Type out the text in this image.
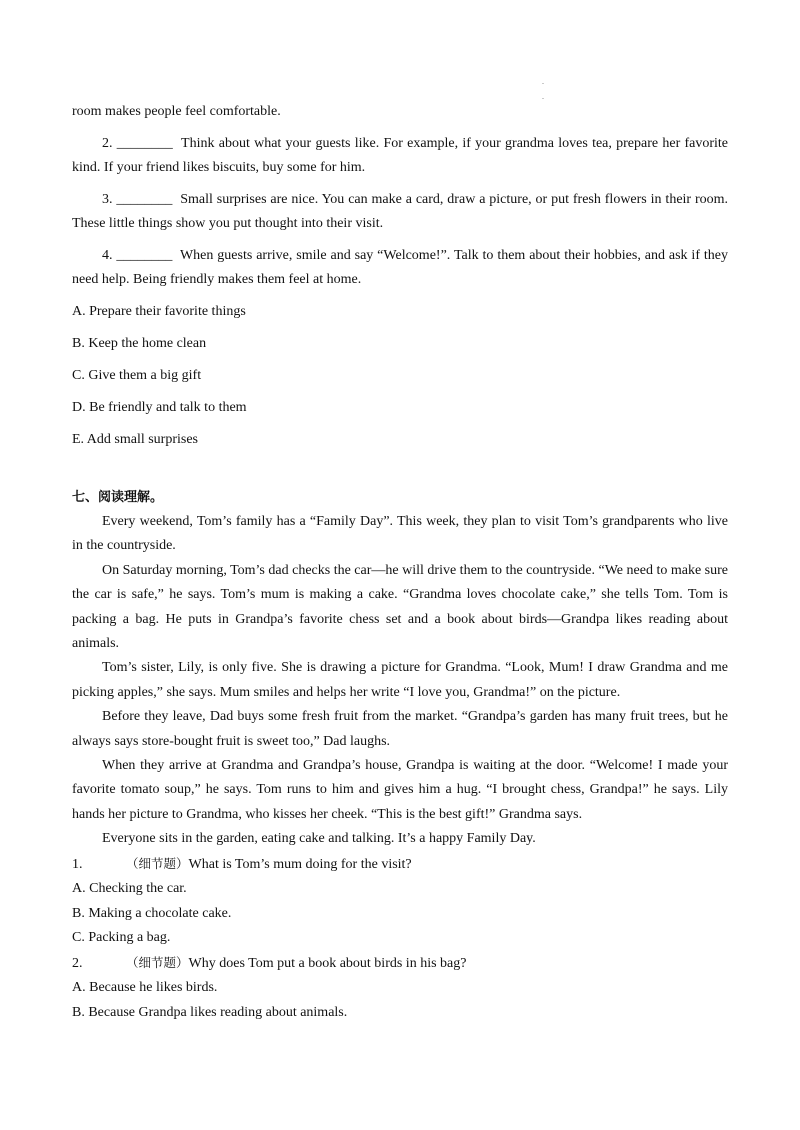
.
.

room makes people feel comfortable.

2. ________ Think about what your guests like. For example, if your grandma loves tea, prepare her favorite kind. If your friend likes biscuits, buy some for him.

3. ________ Small surprises are nice. You can make a card, draw a picture, or put fresh flowers in their room. These little things show you put thought into their visit.

4. ________ When guests arrive, smile and say “Welcome!”. Talk to them about their hobbies, and ask if they need help. Being friendly makes them feel at home.

A. Prepare their favorite things

B. Keep the home clean

C. Give them a big gift

D. Be friendly and talk to them

E. Add small surprises

七、阅读理解。

Every weekend, Tom’s family has a “Family Day”. This week, they plan to visit Tom’s grandparents who live in the countryside.

On Saturday morning, Tom’s dad checks the car—he will drive them to the countryside. “We need to make sure the car is safe,” he says. Tom’s mum is making a cake. “Grandma loves chocolate cake,” she tells Tom. Tom is packing a bag. He puts in Grandpa’s favorite chess set and a book about birds—Grandpa likes reading about animals.

Tom’s sister, Lily, is only five. She is drawing a picture for Grandma. “Look, Mum! I draw Grandma and me picking apples,” she says. Mum smiles and helps her write “I love you, Grandma!” on the picture.

Before they leave, Dad buys some fresh fruit from the market. “Grandpa’s garden has many fruit trees, but he always says store-bought fruit is sweet too,” Dad laughs.

When they arrive at Grandma and Grandpa’s house, Grandpa is waiting at the door. “Welcome! I made your favorite tomato soup,” he says. Tom runs to him and gives him a hug. “I brought chess, Grandpa!” he says. Lily hands her picture to Grandma, who kisses her cheek. “This is the best gift!” Grandma says.

Everyone sits in the garden, eating cake and talking. It’s a happy Family Day.

1.	（细节题）What is Tom’s mum doing for the visit?

A. Checking the car.

B. Making a chocolate cake.

C. Packing a bag.

2.	（细节题）Why does Tom put a book about birds in his bag?

A. Because he likes birds.

B. Because Grandpa likes reading about animals.
